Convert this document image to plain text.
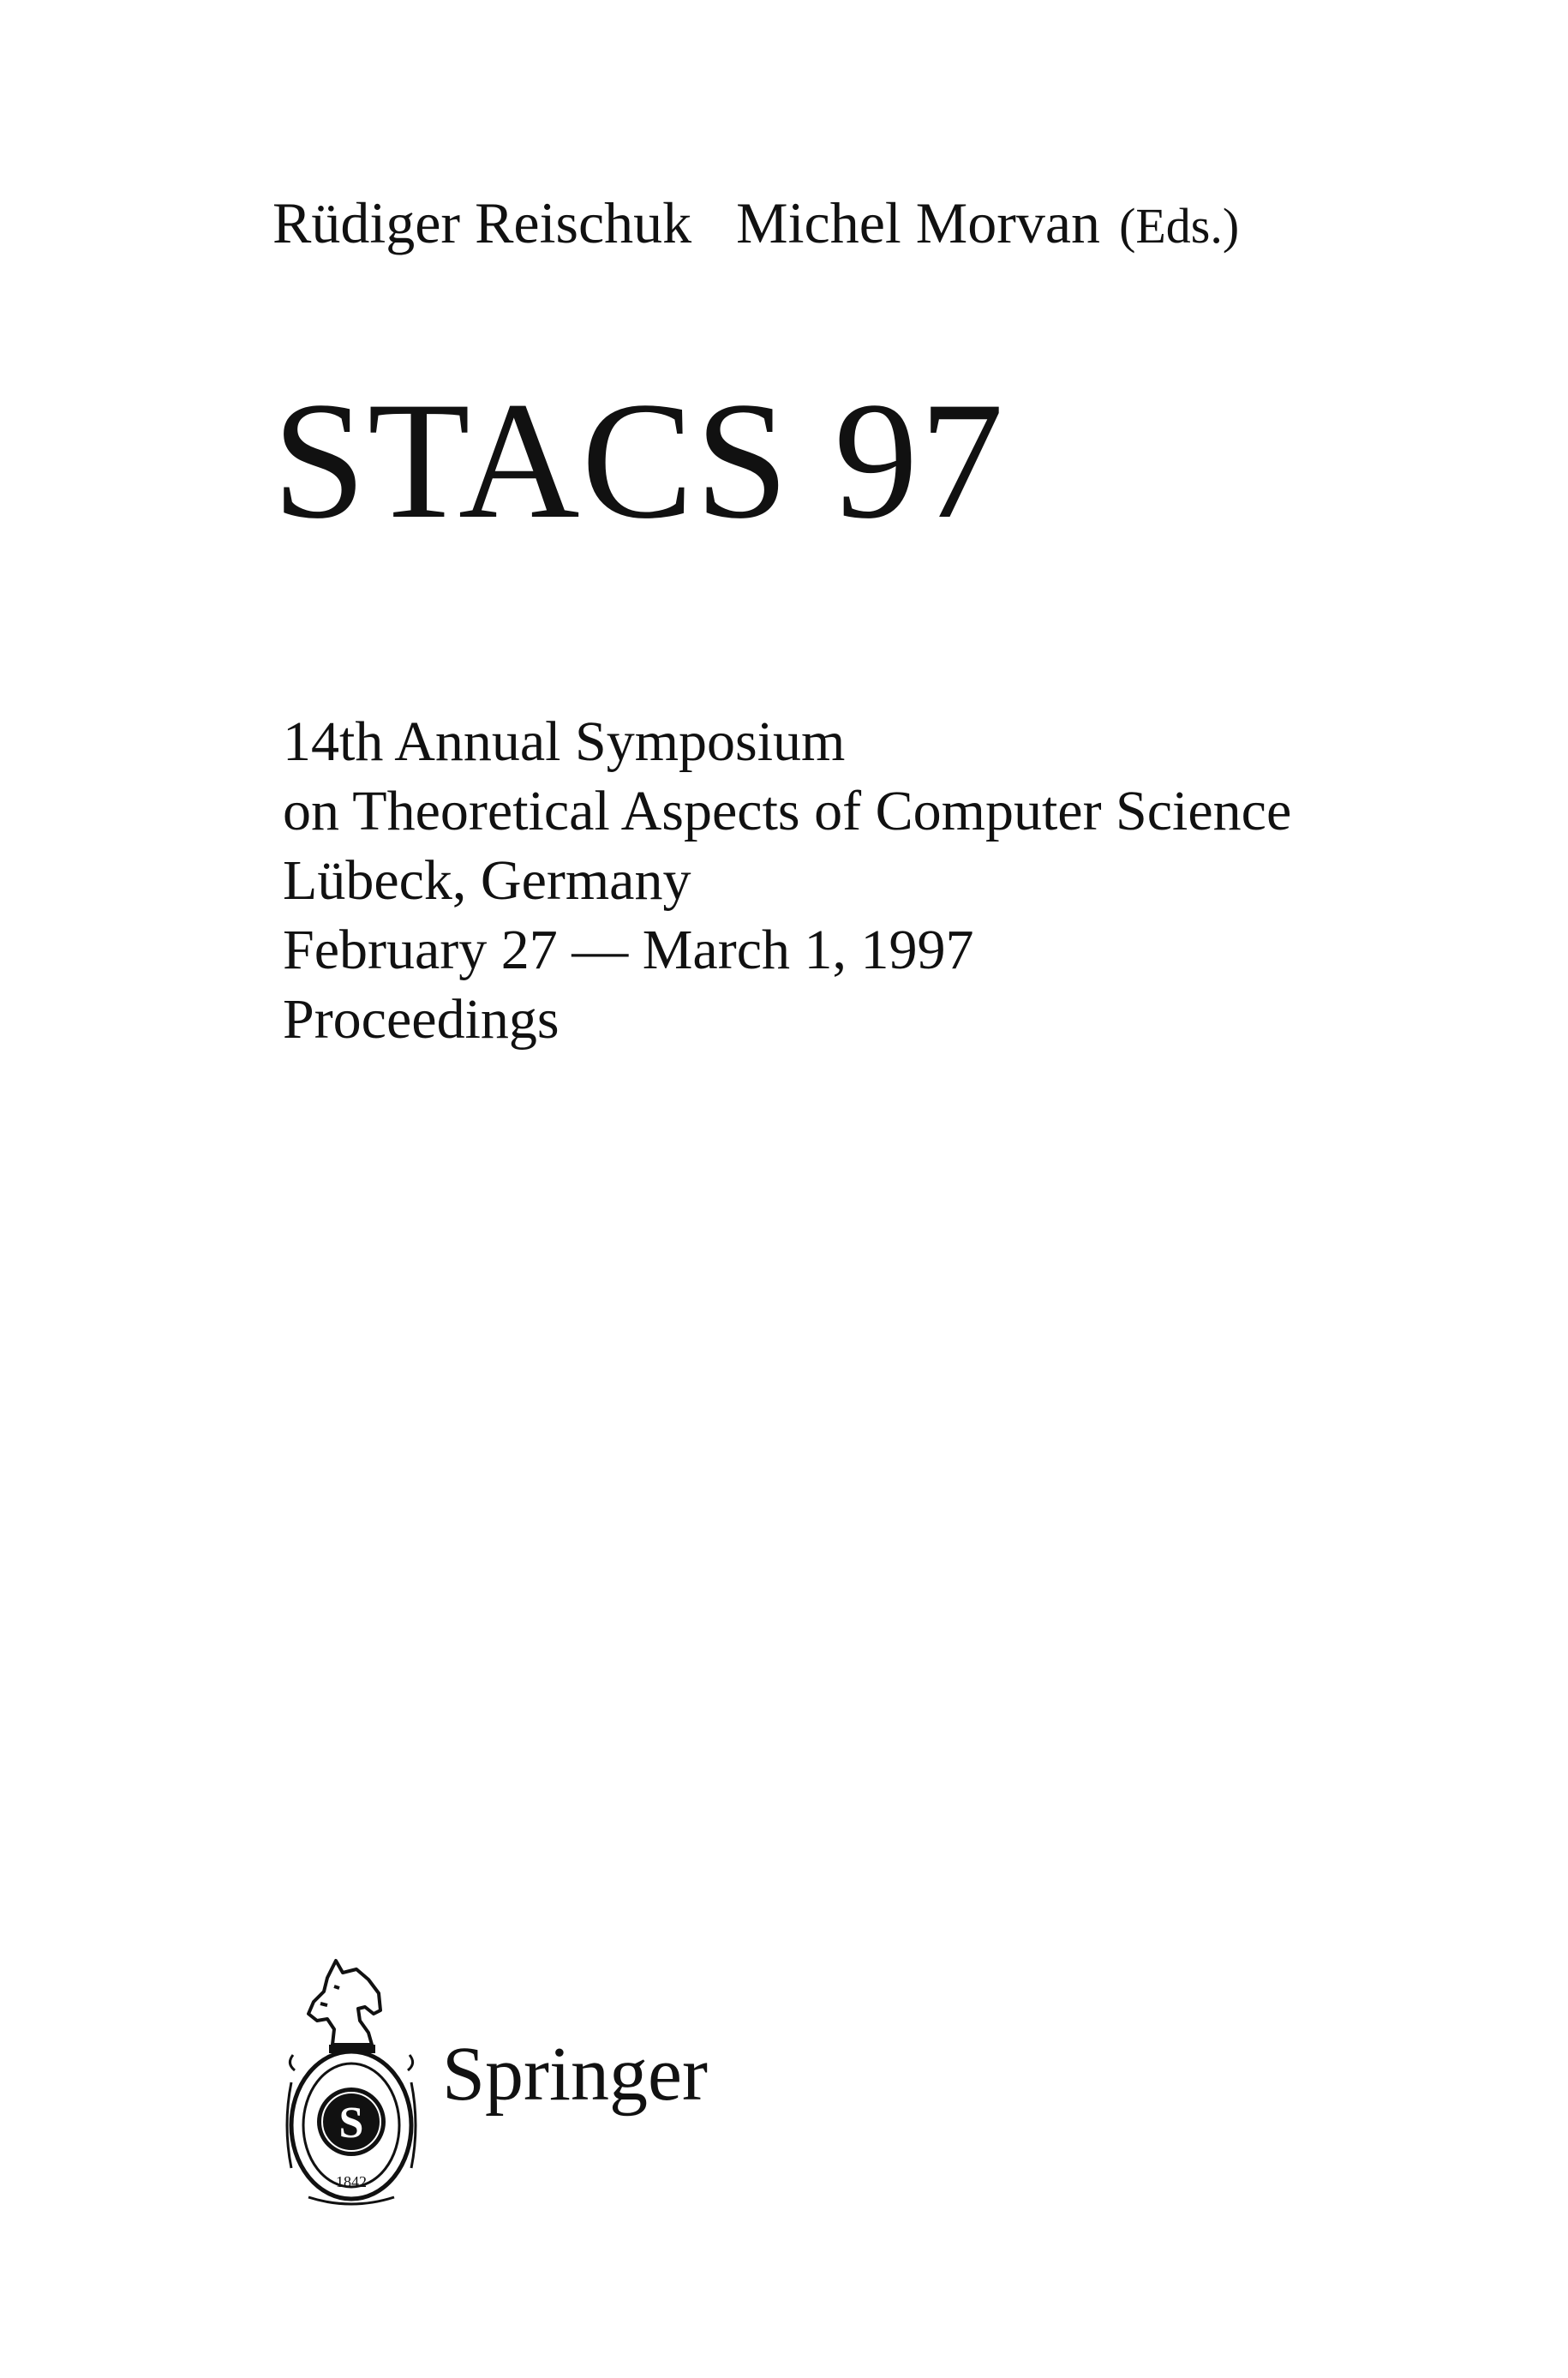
Rüdiger Reischuk Michel Morvan (Eds.)
STACS 97
14th Annual Symposium
on Theoretical Aspects of Computer Science
Lübeck, Germany
February 27 — March 1, 1997
Proceedings
S
1842
Springer
